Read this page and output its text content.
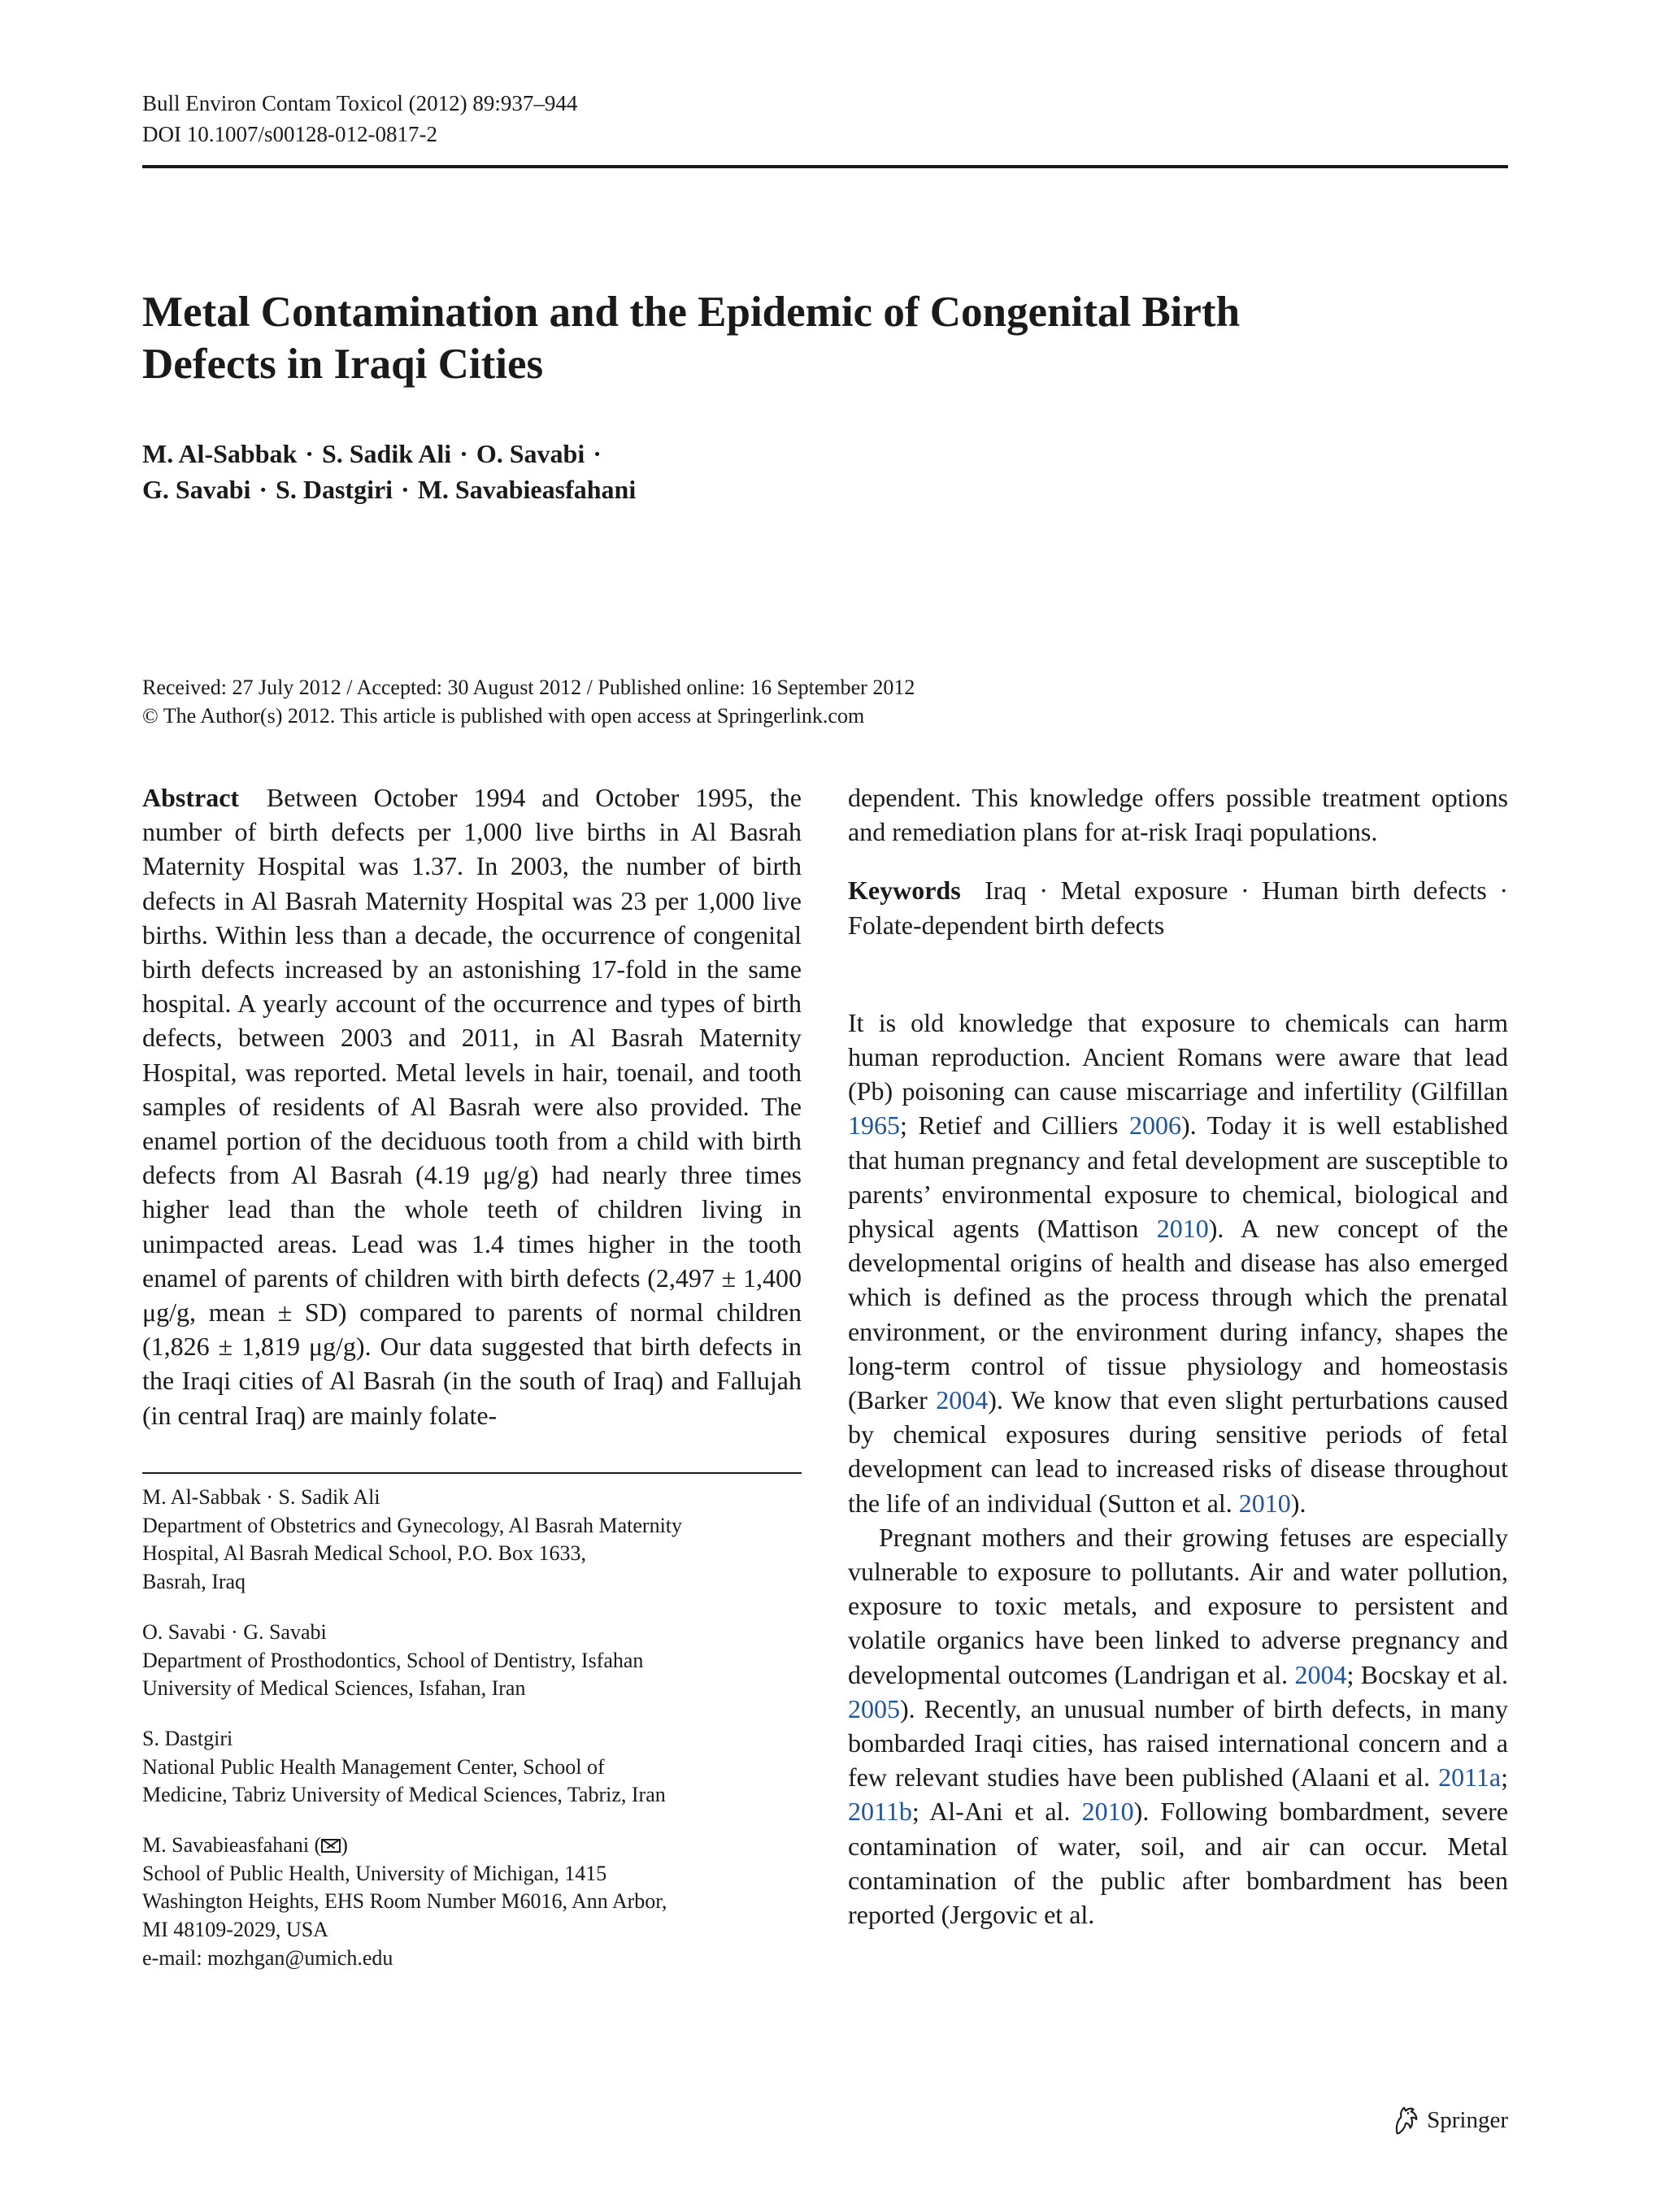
Bull Environ Contam Toxicol (2012) 89:937–944
DOI 10.1007/s00128-012-0817-2
Metal Contamination and the Epidemic of Congenital Birth
Defects in Iraqi Cities
M. Al-Sabbak · S. Sadik Ali · O. Savabi ·
G. Savabi · S. Dastgiri · M. Savabieasfahani
Received: 27 July 2012 / Accepted: 30 August 2012 / Published online: 16 September 2012
© The Author(s) 2012. This article is published with open access at Springerlink.com

Abstract Between October 1994 and October 1995, the number of birth defects per 1,000 live births in Al Basrah Maternity Hospital was 1.37. In 2003, the number of birth defects in Al Basrah Maternity Hospital was 23 per 1,000 live births. Within less than a decade, the occurrence of congenital birth defects increased by an astonishing 17-fold in the same hospital. A yearly account of the occurrence and types of birth defects, between 2003 and 2011, in Al Basrah Maternity Hospital, was reported. Metal levels in hair, toenail, and tooth samples of residents of Al Basrah were also provided. The enamel portion of the deciduous tooth from a child with birth defects from Al Basrah (4.19 μg/g) had nearly three times higher lead than the whole teeth of children living in unimpacted areas. Lead was 1.4 times higher in the tooth enamel of parents of children with birth defects (2,497 ± 1,400 μg/g, mean ± SD) compared to parents of normal children (1,826 ± 1,819 μg/g). Our data suggested that birth defects in the Iraqi cities of Al Basrah (in the south of Iraq) and Fallujah (in central Iraq) are mainly folate-

dependent. This knowledge offers possible treatment options and remediation plans for at-risk Iraqi populations.

Keywords Iraq · Metal exposure · Human birth defects · Folate-dependent birth defects

It is old knowledge that exposure to chemicals can harm human reproduction. Ancient Romans were aware that lead (Pb) poisoning can cause miscarriage and infertility (Gilfillan 1965; Retief and Cilliers 2006). Today it is well established that human pregnancy and fetal development are susceptible to parents’ environmental exposure to chemical, biological and physical agents (Mattison 2010). A new concept of the developmental origins of health and disease has also emerged which is defined as the process through which the prenatal environment, or the environment during infancy, shapes the long-term control of tissue physiology and homeostasis (Barker 2004). We know that even slight perturbations caused by chemical exposures during sensitive periods of fetal development can lead to increased risks of disease throughout the life of an individual (Sutton et al. 2010).

Pregnant mothers and their growing fetuses are especially vulnerable to exposure to pollutants. Air and water pollution, exposure to toxic metals, and exposure to persistent and volatile organics have been linked to adverse pregnancy and developmental outcomes (Landrigan et al. 2004; Bocskay et al. 2005). Recently, an unusual number of birth defects, in many bombarded Iraqi cities, has raised international concern and a few relevant studies have been published (Alaani et al. 2011a; 2011b; Al-Ani et al. 2010). Following bombardment, severe contamination of water, soil, and air can occur. Metal contamination of the public after bombardment has been reported (Jergovic et al.

M. Al-Sabbak · S. Sadik Ali
Department of Obstetrics and Gynecology, Al Basrah Maternity
Hospital, Al Basrah Medical School, P.O. Box 1633,
Basrah, Iraq
O. Savabi · G. Savabi
Department of Prosthodontics, School of Dentistry, Isfahan
University of Medical Sciences, Isfahan, Iran
S. Dastgiri
National Public Health Management Center, School of
Medicine, Tabriz University of Medical Sciences, Tabriz, Iran
M. Savabieasfahani ( )
School of Public Health, University of Michigan, 1415
Washington Heights, EHS Room Number M6016, Ann Arbor,
MI 48109-2029, USA
e-mail: mozhgan@umich.edu
Springer
